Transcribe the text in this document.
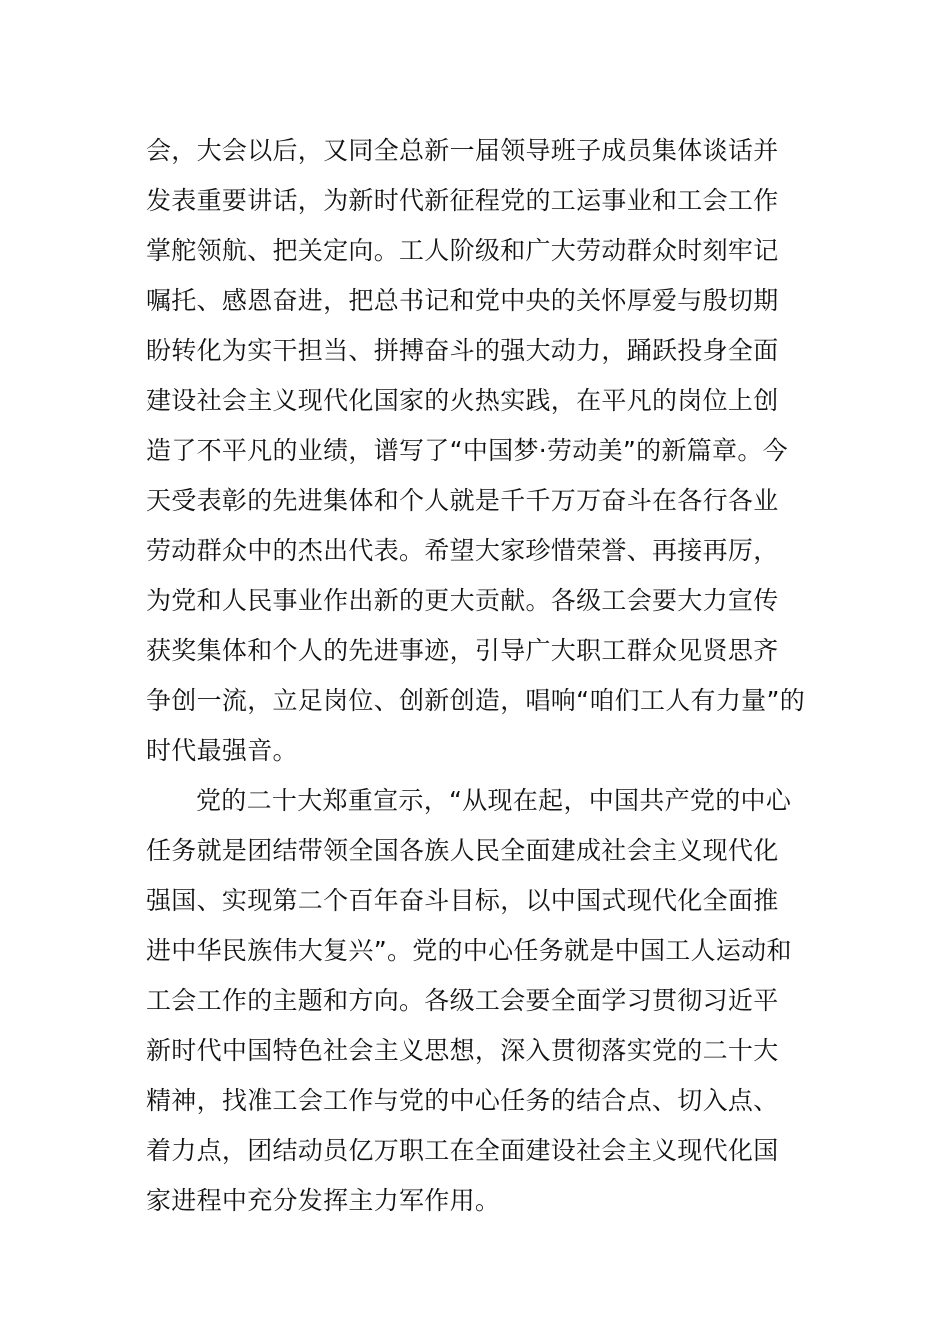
会，大会以后，又同全总新一届领导班子成员集体谈话并
发表重要讲话，为新时代新征程党的工运事业和工会工作
掌舵领航、把关定向。工人阶级和广大劳动群众时刻牢记
嘱托、感恩奋进，把总书记和党中央的关怀厚爱与殷切期
盼转化为实干担当、拼搏奋斗的强大动力，踊跃投身全面
建设社会主义现代化国家的火热实践，在平凡的岗位上创
造了不平凡的业绩，谱写了“中国梦·劳动美”的新篇章。今
天受表彰的先进集体和个人就是千千万万奋斗在各行各业
劳动群众中的杰出代表。希望大家珍惜荣誉、再接再厉，
为党和人民事业作出新的更大贡献。各级工会要大力宣传
获奖集体和个人的先进事迹，引导广大职工群众见贤思齐
争创一流，立足岗位、创新创造，唱响“咱们工人有力量”的
时代最强音。
党的二十大郑重宣示，“从现在起，中国共产党的中心
任务就是团结带领全国各族人民全面建成社会主义现代化
强国、实现第二个百年奋斗目标，以中国式现代化全面推
进中华民族伟大复兴”。党的中心任务就是中国工人运动和
工会工作的主题和方向。各级工会要全面学习贯彻习近平
新时代中国特色社会主义思想，深入贯彻落实党的二十大
精神，找准工会工作与党的中心任务的结合点、切入点、
着力点，团结动员亿万职工在全面建设社会主义现代化国
家进程中充分发挥主力军作用。
